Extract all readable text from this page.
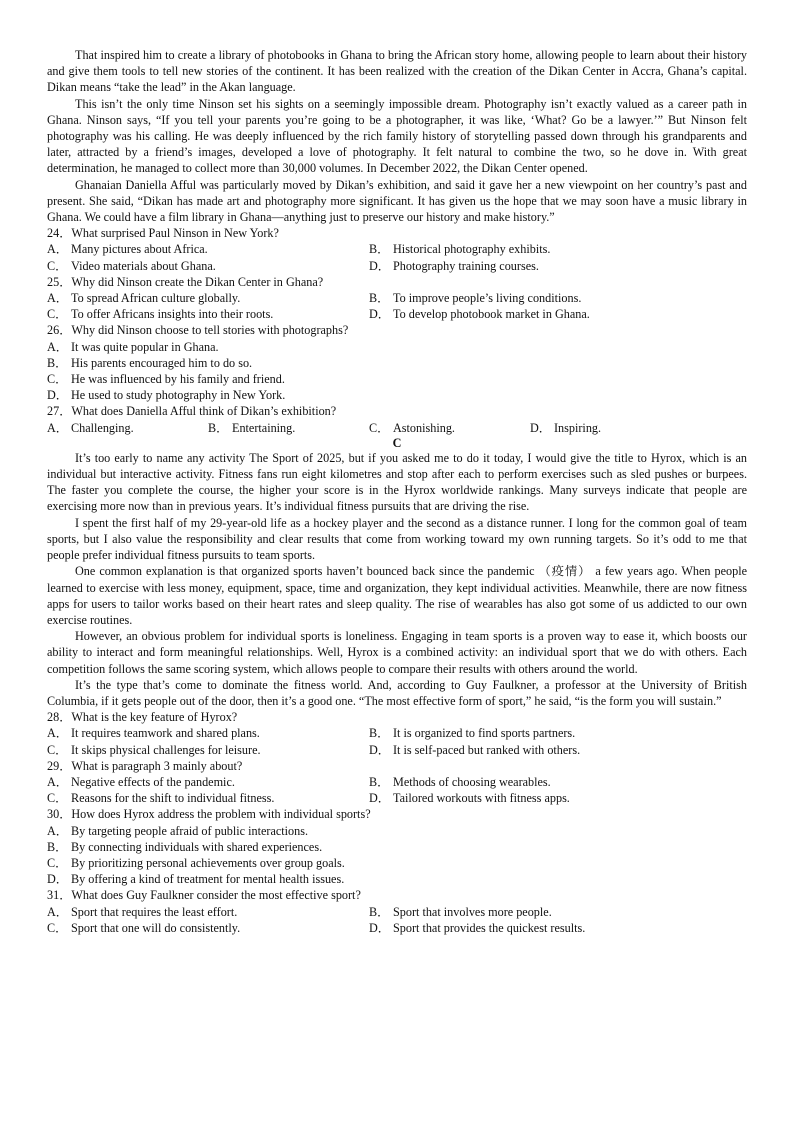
That inspired him to create a library of photobooks in Ghana to bring the African story home, allowing people to learn about their history and give them tools to tell new stories of the continent. It has been realized with the creation of the Dikan Center in Accra, Ghana’s capital. Dikan means “take the lead” in the Akan language.

This isn’t the only time Ninson set his sights on a seemingly impossible dream. Photography isn’t exactly valued as a career path in Ghana. Ninson says, “If you tell your parents you’re going to be a photographer, it was like, ‘What? Go be a lawyer.’” But Ninson felt photography was his calling. He was deeply influenced by the rich family history of storytelling passed down through his grandparents and later, attracted by a friend’s images, developed a love of photography. It felt natural to combine the two, so he dove in. With great determination, he managed to collect more than 30,000 volumes. In December 2022, the Dikan Center opened.

Ghanaian Daniella Afful was particularly moved by Dikan’s exhibition, and said it gave her a new viewpoint on her country’s past and present. She said, “Dikan has made art and photography more significant. It has given us the hope that we may soon have a music library in Ghana. We could have a film library in Ghana—anything just to preserve our history and make history.”

24．What surprised Paul Ninson in New York?

A． Many pictures about Africa.	B． Historical photography exhibits.
C． Video materials about Ghana.	D． Photography training courses.

25．Why did Ninson create the Dikan Center in Ghana?

A． To spread African culture globally.	B． To improve people’s living conditions.
C． To offer Africans insights into their roots.	D． To develop photobook market in Ghana.

26．Why did Ninson choose to tell stories with photographs?

A． It was quite popular in Ghana.
B． His parents encouraged him to do so.
C． He was influenced by his family and friend.
D． He used to study photography in New York.

27．What does Daniella Afful think of Dikan’s exhibition?

A． Challenging.	B． Entertaining.	C． Astonishing.	D． Inspiring.

C

It’s too early to name any activity The Sport of 2025, but if you asked me to do it today, I would give the title to Hyrox, which is an individual but interactive activity. Fitness fans run eight kilometres and stop after each to perform exercises such as sled pushes or burpees. The faster you complete the course, the higher your score is in the Hyrox worldwide rankings. Many surveys indicate that people are exercising more now than in previous years. It’s individual fitness pursuits that are driving the rise.

I spent the first half of my 29-year-old life as a hockey player and the second as a distance runner. I long for the common goal of team sports, but I also value the responsibility and clear results that come from working toward my own running targets. So it’s odd to me that people prefer individual fitness pursuits to team sports.

One common explanation is that organized sports haven’t bounced back since the pandemic （疫情） a few years ago. When people learned to exercise with less money, equipment, space, time and organization, they kept individual activities. Meanwhile, there are now fitness apps for users to tailor works based on their heart rates and sleep quality. The rise of wearables has also got some of us addicted to our own exercise routines.

However, an obvious problem for individual sports is loneliness. Engaging in team sports is a proven way to ease it, which boosts our ability to interact and form meaningful relationships. Well, Hyrox is a combined activity: an individual sport that we do with others. Each competition follows the same scoring system, which allows people to compare their results with others around the world.

It’s the type that’s come to dominate the fitness world. And, according to Guy Faulkner, a professor at the University of British Columbia, if it gets people out of the door, then it’s a good one. “The most effective form of sport,” he said, “is the form you will sustain.”

28．What is the key feature of Hyrox?

A． It requires teamwork and shared plans.	B． It is organized to find sports partners.
C． It skips physical challenges for leisure.	D． It is self-paced but ranked with others.

29．What is paragraph 3 mainly about?

A． Negative effects of the pandemic.	B． Methods of choosing wearables.
C． Reasons for the shift to individual fitness.	D． Tailored workouts with fitness apps.

30．How does Hyrox address the problem with individual sports?

A． By targeting people afraid of public interactions.
B． By connecting individuals with shared experiences.
C． By prioritizing personal achievements over group goals.
D． By offering a kind of treatment for mental health issues.

31．What does Guy Faulkner consider the most effective sport?

A． Sport that requires the least effort.	B． Sport that involves more people.
C． Sport that one will do consistently.	D． Sport that provides the quickest results.
